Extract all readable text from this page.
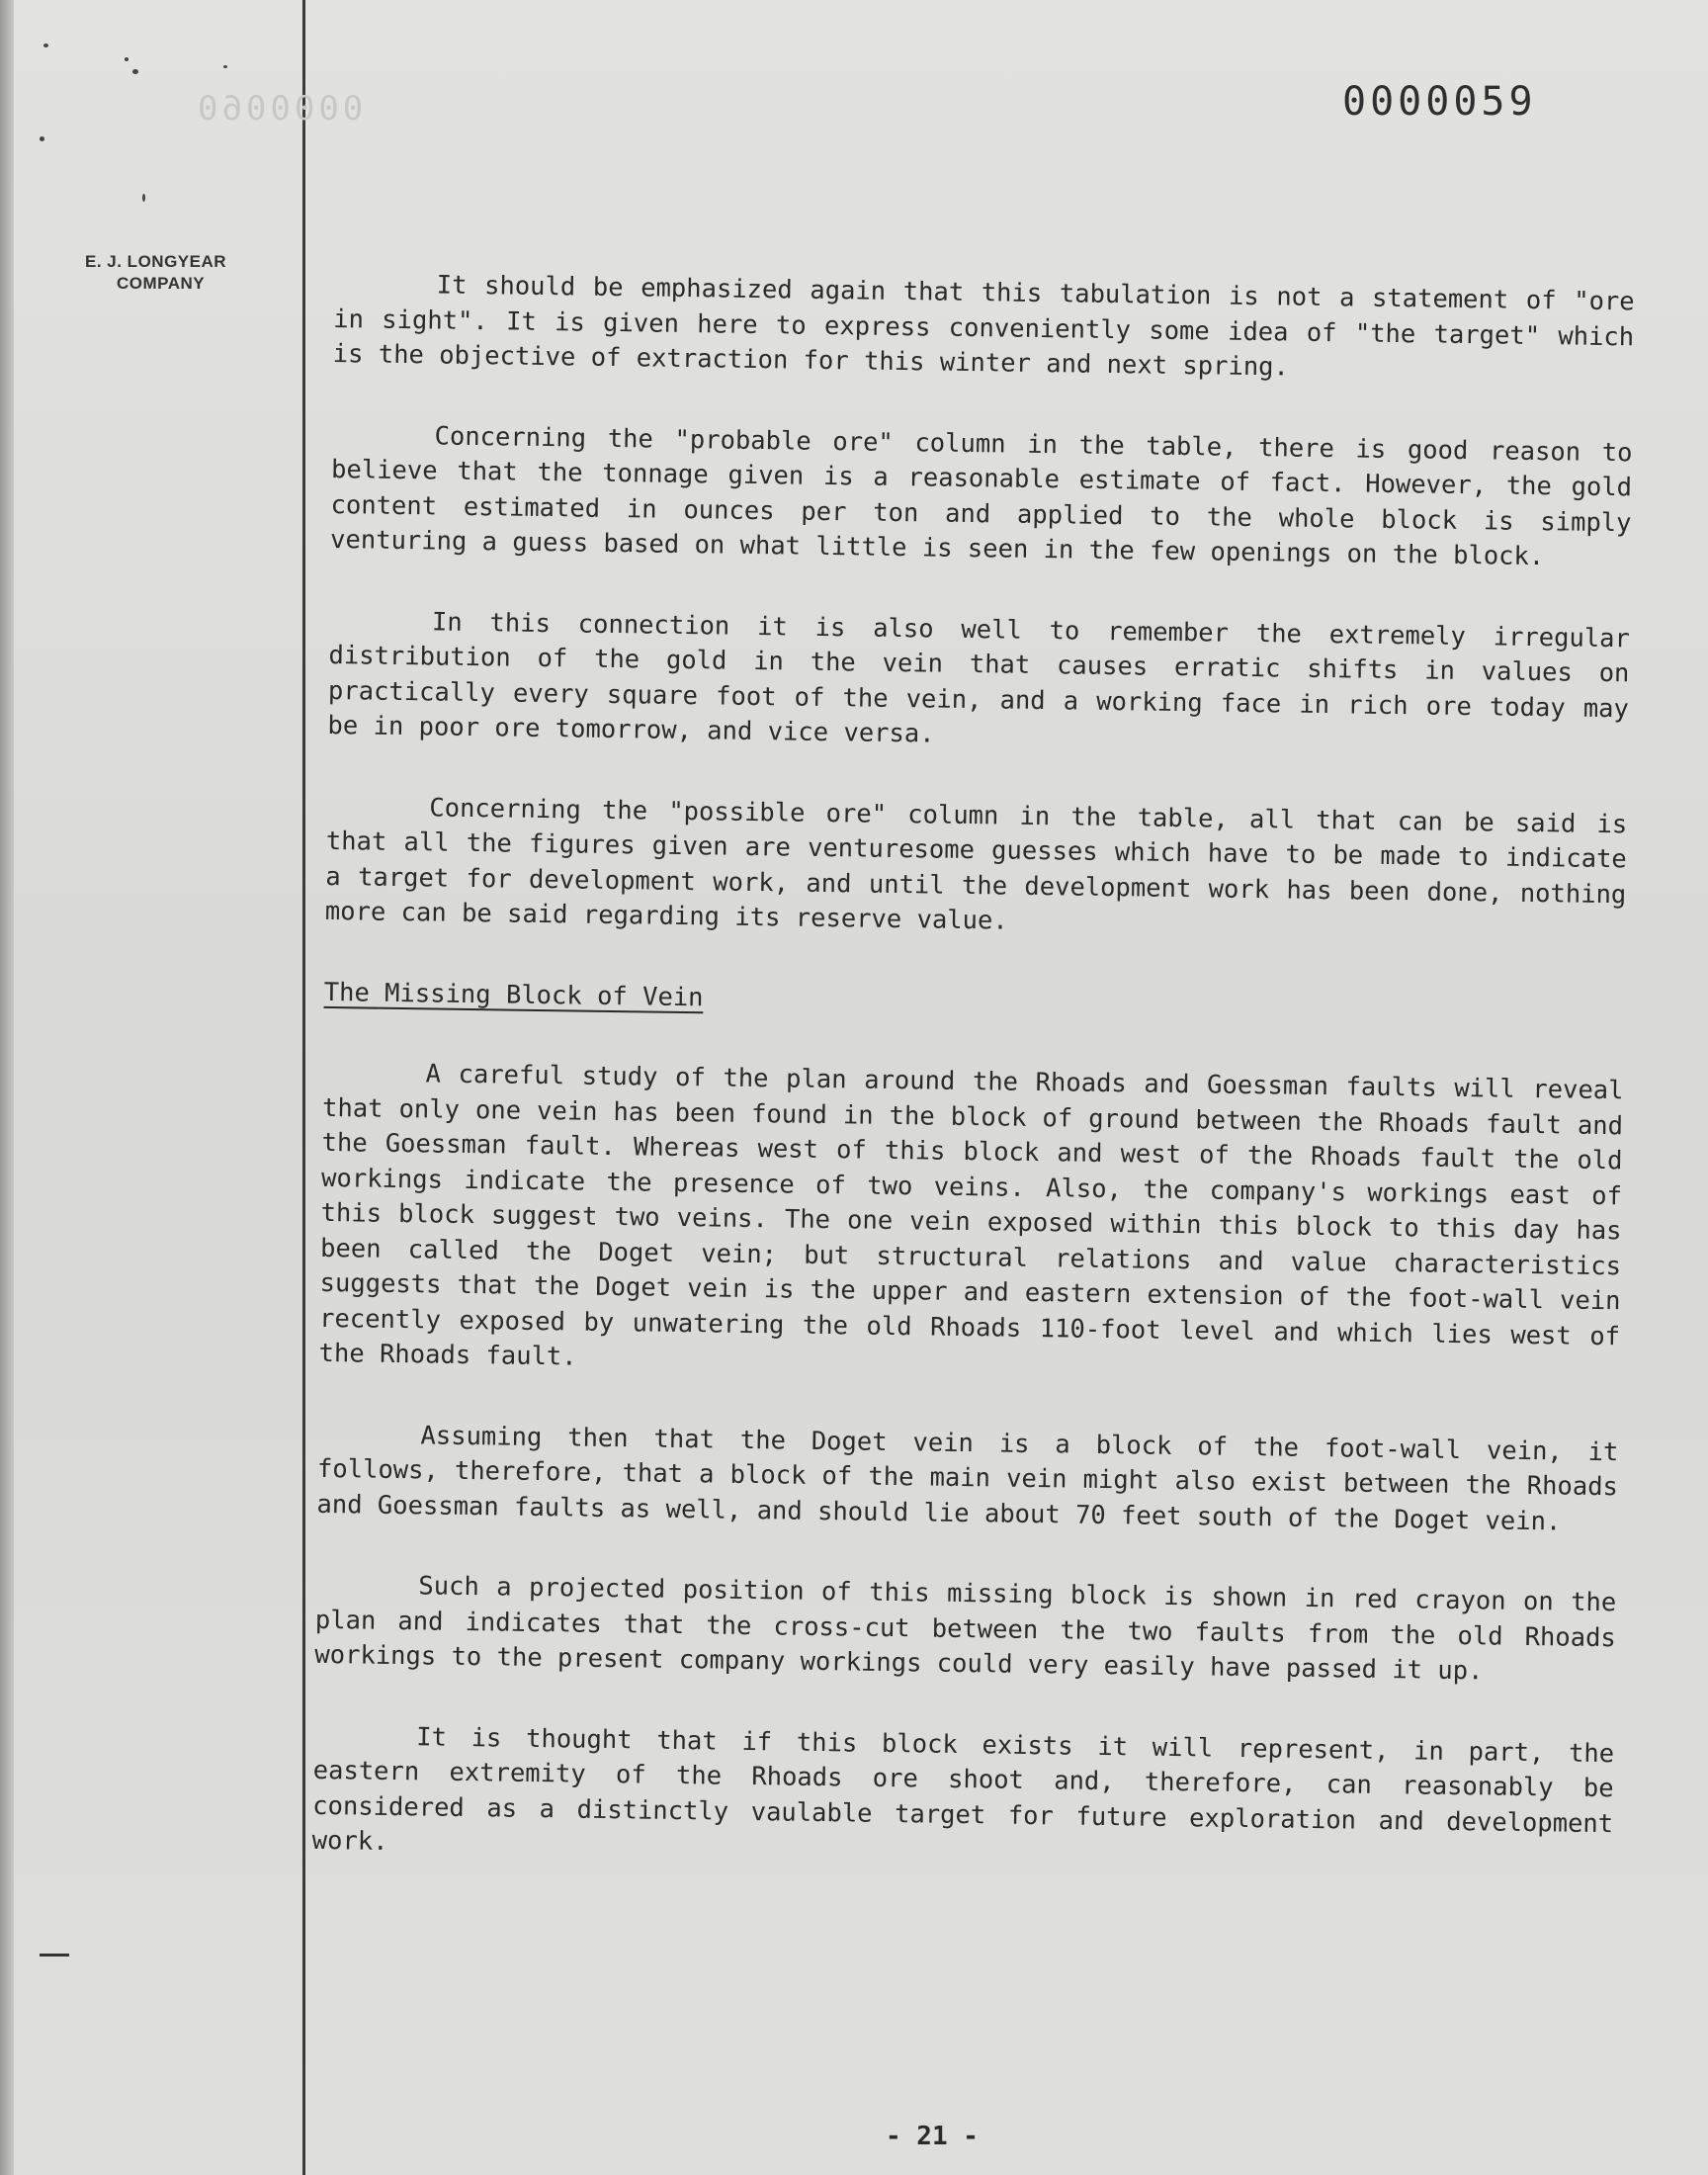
0000060
E. J. LONGYEAR
COMPANY
0000059

It should be emphasized again that this tabulation is not a statement of "ore in sight". It is given here to express conveniently some idea of "the target" which is the objective of extraction for this winter and next spring.

Concerning the "probable ore" column in the table, there is good reason to believe that the tonnage given is a reasonable estimate of fact. However, the gold content estimated in ounces per ton and applied to the whole block is simply venturing a guess based on what little is seen in the few openings on the block.

In this connection it is also well to remember the extremely irregular distribution of the gold in the vein that causes erratic shifts in values on practically every square foot of the vein, and a working face in rich ore today may be in poor ore tomorrow, and vice versa.

Concerning the "possible ore" column in the table, all that can be said is that all the figures given are venturesome guesses which have to be made to indicate a target for development work, and until the development work has been done, nothing more can be said regarding its reserve value.

The Missing Block of Vein

A careful study of the plan around the Rhoads and Goessman faults will reveal that only one vein has been found in the block of ground between the Rhoads fault and the Goessman fault. Whereas west of this block and west of the Rhoads fault the old workings indicate the presence of two veins. Also, the company's workings east of this block suggest two veins. The one vein exposed within this block to this day has been called the Doget vein; but structural relations and value characteristics suggests that the Doget vein is the upper and eastern extension of the foot-wall vein recently exposed by unwatering the old Rhoads 110-foot level and which lies west of the Rhoads fault.

Assuming then that the Doget vein is a block of the foot-wall vein, it follows, therefore, that a block of the main vein might also exist between the Rhoads and Goessman faults as well, and should lie about 70 feet south of the Doget vein.

Such a projected position of this missing block is shown in red crayon on the plan and indicates that the cross-cut between the two faults from the old Rhoads workings to the present company workings could very easily have passed it up.

It is thought that if this block exists it will represent, in part, the eastern extremity of the Rhoads ore shoot and, therefore, can reasonably be considered as a distinctly vaulable target for future exploration and development work.

- 21 -
